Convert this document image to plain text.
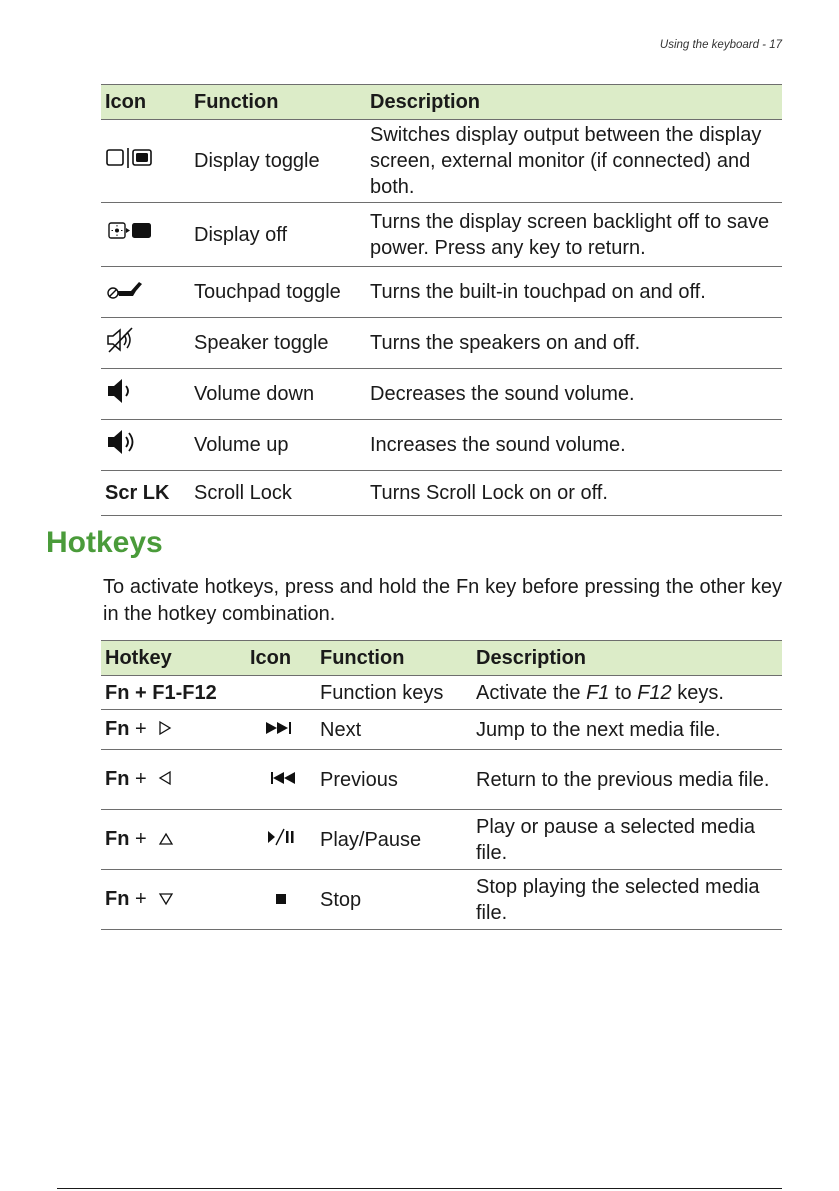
Using the keyboard - 17
Icon	Function	Description
	Display toggle	Switches display output between the display screen, external monitor (if connected) and both.
	Display off	Turns the display screen backlight off to save power. Press any key to return.
	Touchpad toggle	Turns the built-in touchpad on and off.
	Speaker toggle	Turns the speakers on and off.
	Volume down	Decreases the sound volume.
	Volume up	Increases the sound volume.
Scr LK	Scroll Lock	Turns Scroll Lock on or off.
Hotkeys

To activate hotkeys, press and hold the Fn key before pressing the other key in the hotkey combination.

Hotkey	Icon	Function	Description
Fn + F1-F12		Function keys	Activate the F1 to F12 keys.
Fn +		Next	Jump to the next media file.
Fn +		Previous	Return to the previous media file.
Fn +		Play/Pause	Play or pause a selected media file.
Fn +		Stop	Stop playing the selected media file.
